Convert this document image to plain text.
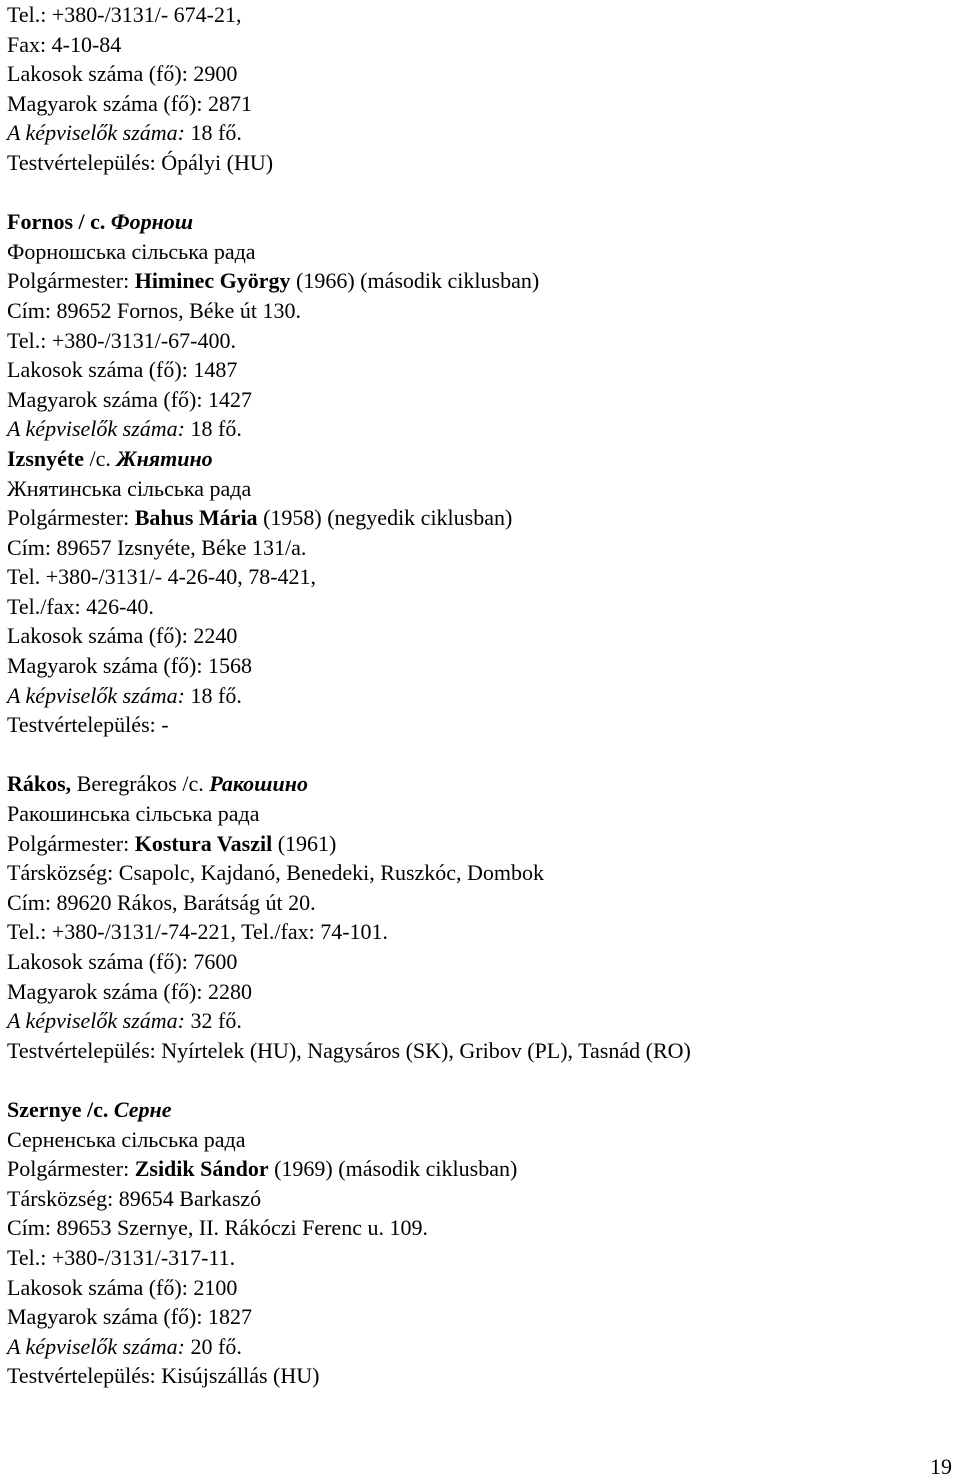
Tel.: +380-/3131/- 674-21,
Fax: 4-10-84
Lakosok száma (fő): 2900
Magyarok száma (fő): 2871
A képviselők száma: 18 fő.
Testvértelepülés: Ópályi (HU)
Fornos / c. Форнош
Форношська сільська рада
Polgármester: Himinec György (1966) (második ciklusban)
Cím: 89652 Fornos, Béke út 130.
Tel.: +380-/3131/-67-400.
Lakosok száma (fő): 1487
Magyarok száma (fő): 1427
A képviselők száma: 18 fő.
Izsnyéte /c. Жнятино
Жнятинська сільська рада
Polgármester: Bahus Mária (1958) (negyedik ciklusban)
Cím: 89657 Izsnyéte, Béke 131/a.
Tel. +380-/3131/- 4-26-40, 78-421,
Tel./fax: 426-40.
Lakosok száma (fő): 2240
Magyarok száma (fő): 1568
A képviselők száma: 18 fő.
Testvértelepülés: -
Rákos, Beregrákos /c. Ракошино
Ракошинська сільська рада
Polgármester: Kostura Vaszil (1961)
Társközség: Csapolc, Kajdanó, Benedeki, Ruszkóc, Dombok
Cím: 89620 Rákos, Barátság út 20.
Tel.: +380-/3131/-74-221, Tel./fax: 74-101.
Lakosok száma (fő): 7600
Magyarok száma (fő): 2280
A képviselők száma: 32 fő.
Testvértelepülés: Nyírtelek (HU), Nagysáros (SK), Gribov (PL), Tasnád (RO)
Szernye /c. Серне
Серненська сільська рада
Polgármester: Zsidik Sándor (1969) (második ciklusban)
Társközség: 89654 Barkaszó
Cím: 89653 Szernye, II. Rákóczi Ferenc u. 109.
Tel.: +380-/3131/-317-11.
Lakosok száma (fő): 2100
Magyarok száma (fő): 1827
A képviselők száma: 20 fő.
Testvértelepülés: Kisújszállás (HU)
19
